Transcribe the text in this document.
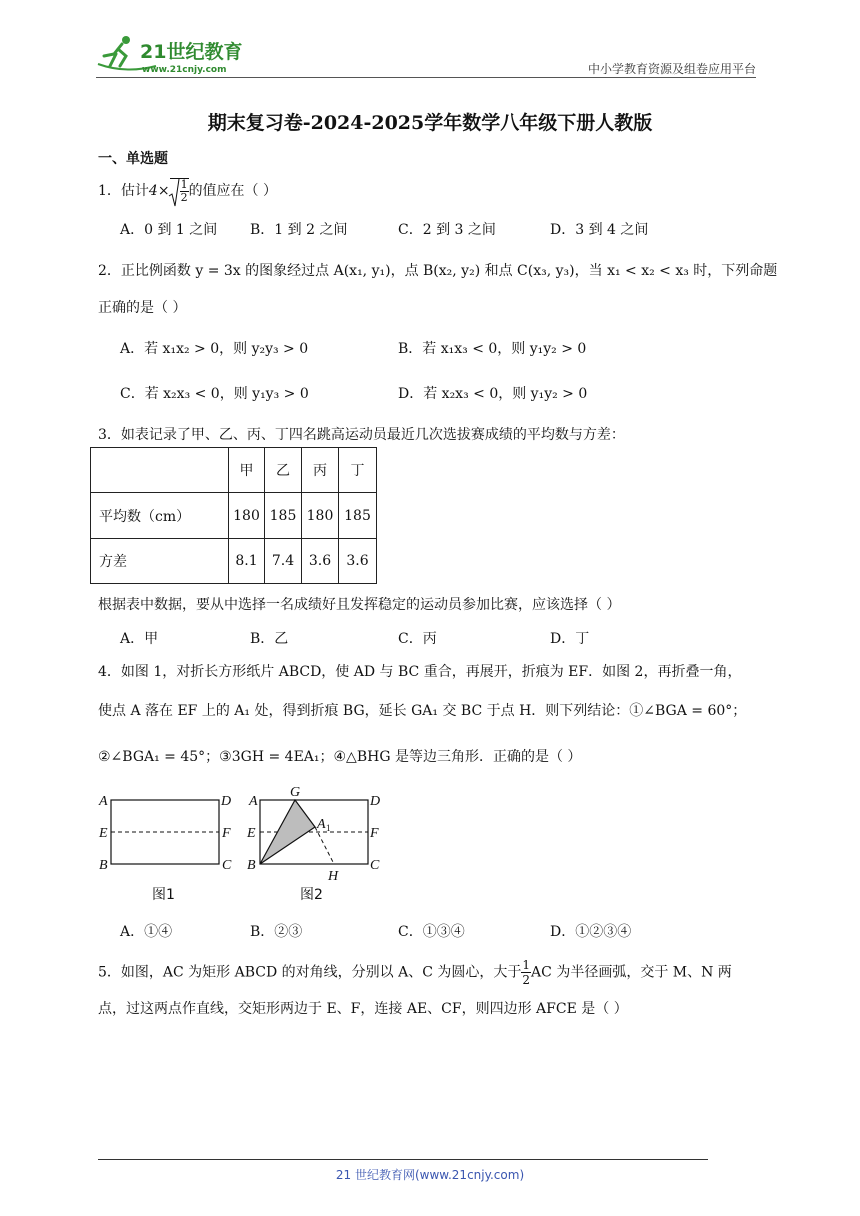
21世纪教育
www.21cnjy.com	中小学教育资源及组卷应用平台
期末复习卷-2024-2025学年数学八年级下册人教版
一、单选题
1．估计$4\times \frac{1}{2}$ 的值应在（ ）
A．0 到 1 之间 B．1 到 2 之间	C．2 到 3 之间	D．3 到 4 之间
2．正比例函数 y = 3x 的图象经过点 A(x₁, y₁)，点 B(x₂, y₂) 和点 C(x₃, y₃)，当 x₁ < x₂ < x₃ 时，下列命题
正确的是（ ）
A．若 x₁x₂ > 0，则 y₂y₃ > 0	B．若 x₁x₃ < 0，则 y₁y₂ > 0
C．若 x₂x₃ < 0，则 y₁y₃ > 0	D．若 x₂x₃ < 0，则 y₁y₂ > 0
3．如表记录了甲、乙、丙、丁四名跳高运动员最近几次选拔赛成绩的平均数与方差：
	甲	乙	丙	丁
平均数（cm）	180	185	180	185
方差	8.1	7.4	3.6	3.6
根据表中数据，要从中选择一名成绩好且发挥稳定的运动员参加比赛，应该选择（ ）
A．甲	B．乙	C．丙	D．丁
4．如图 1，对折长方形纸片 ABCD，使 AD 与 BC 重合，再展开，折痕为 EF．如图 2，再折叠一角，
使点 A 落在 EF 上的 A₁ 处，得到折痕 BG，延长 GA₁ 交 BC 于点 H．则下列结论：①∠BGA = 60°；
②∠BGA₁ = 45°；③3GH = 4EA₁；④△BHG 是等边三角形．正确的是（ ）
A	D
E	F
B	C
G
A	D
E
A 1	F
B	C
H
图1	图2
A．①④	B．②③	C．①③④	D．①②③④
5．如图，AC 为矩形 ABCD 的对角线，分别以 A、C 为圆心，大于 $\frac{1}{2}$ AC 为半径画弧，交于 M、N 两
点，过这两点作直线，交矩形两边于 E、F，连接 AE、CF，则四边形 AFCE 是（ ）
21 世纪教育网(www.21cnjy.com)
